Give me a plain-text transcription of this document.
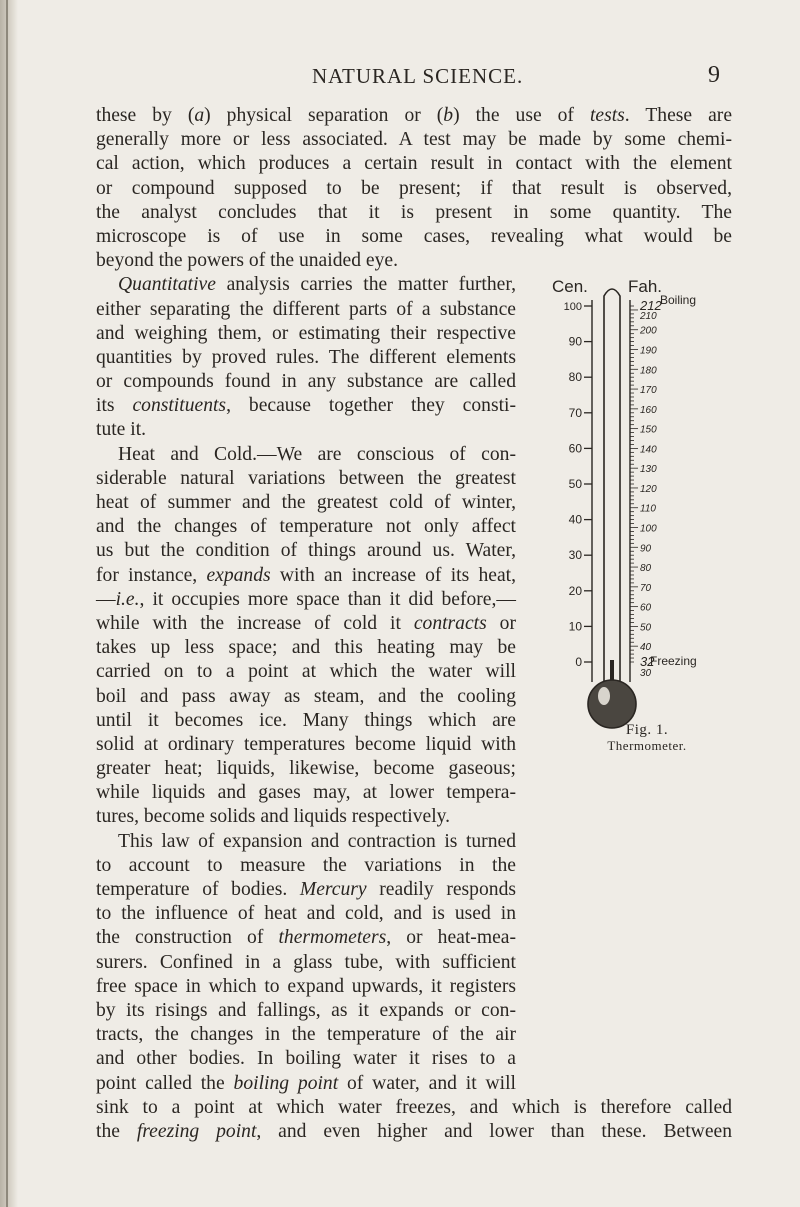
NATURAL SCIENCE.	9
these by (a) physical separation or (b) the use of tests. These are
generally more or less associated. A test may be made by some chemi-
cal action, which produces a certain result in contact with the element
or compound supposed to be present; if that result is observed,
the analyst concludes that it is present in some quantity. The
microscope is of use in some cases, revealing what would be
beyond the powers of the unaided eye.
Quantitative analysis carries the matter further,
either separating the different parts of a substance
and weighing them, or estimating their respective
quantities by proved rules. The different elements
or compounds found in any substance are called
its constituents, because together they consti-
tute it.
Heat and Cold.—We are conscious of con-
siderable natural variations between the greatest
heat of summer and the greatest cold of winter,
and the changes of temperature not only affect
us but the condition of things around us. Water,
for instance, expands with an increase of its heat,
—i.e., it occupies more space than it did before,—
while with the increase of cold it contracts or
takes up less space; and this heating may be
carried on to a point at which the water will
boil and pass away as steam, and the cooling
until it becomes ice. Many things which are
solid at ordinary temperatures become liquid with
greater heat; liquids, likewise, become gaseous;
while liquids and gases may, at lower tempera-
tures, become solids and liquids respectively.
This law of expansion and contraction is turned
to account to measure the variations in the
temperature of bodies. Mercury readily responds
to the influence of heat and cold, and is used in
the construction of thermometers, or heat-mea-
surers. Confined in a glass tube, with sufficient
free space in which to expand upwards, it registers
by its risings and fallings, as it expands or con-
tracts, the changes in the temperature of the air
and other bodies. In boiling water it rises to a
point called the boiling point of water, and it will
sink to a point at which water freezes, and which is therefore called
the freezing point, and even higher and lower than these. Between
Cen. Fah.
Boiling
Freezing
100
90
80
70
60
50
40
30
20
10
0
212
210
200
190
180
170
160
150
140
130
120
110
100
90
80
70
60
50
40
32
30
Fig. 1.
Thermometer.
